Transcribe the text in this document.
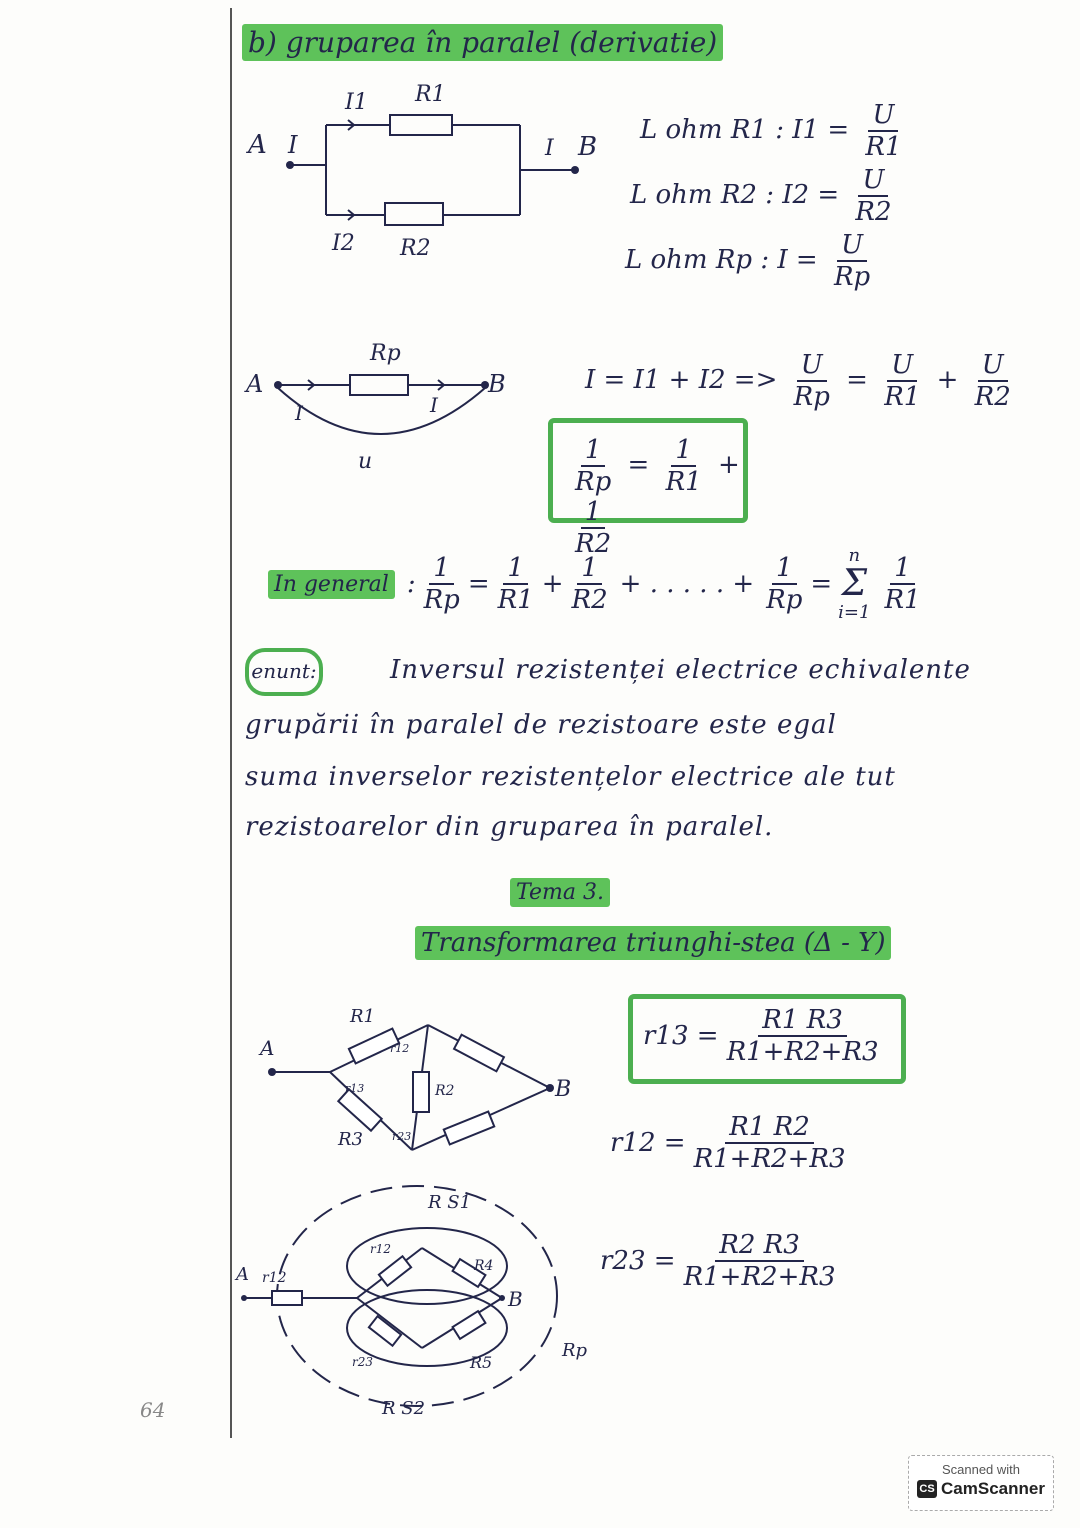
b) gruparea în paralel (derivatie)
A I
I1 R1
I2 R2
I B
L ohm R1 : $I1 = \frac{U}{R1}$
L ohm R2 : $I2 = \frac{U}{R2}$
L ohm Rp : $I = \frac{U}{Rp}$
A
Rp
I	I
B
u
$I = I1 + I2 => \frac{U}{Rp} = \frac{U}{R1} + \frac{U}{R2}$
$\frac{1}{Rp} = \frac{1}{R1}$ +
$\frac{1}{R2}$
In general : $\frac{1}{Rp} = \frac{1}{R1} + \frac{1}{R2}$ + . . . . . + $\frac{1}{Rp}$ =
n
Σ
$i=1 \frac{1}{R1}$
enunt:	Inversul rezistenței electrice echivalente
grupării în paralel de rezistoare este egal
suma inverselor rezistențelor electrice ale tut
rezistoarelor din gruparea în paralel.
Tema 3.
Transformarea triunghi-stea (Δ - Y)
A
B
R1
R2
R3
r12
r13
r23
$r13 = \frac{R1 R3}{R1+R2+R3}$
$r12 = \frac{R1 R2}{R1+R2+R3}$
$r23 = \frac{R2 R3}{R1+R2+R3}$
A r12
B
r12
R4
r23	R5
R S1
R S2
Rp
64
Scanned with
CS CamScanner
